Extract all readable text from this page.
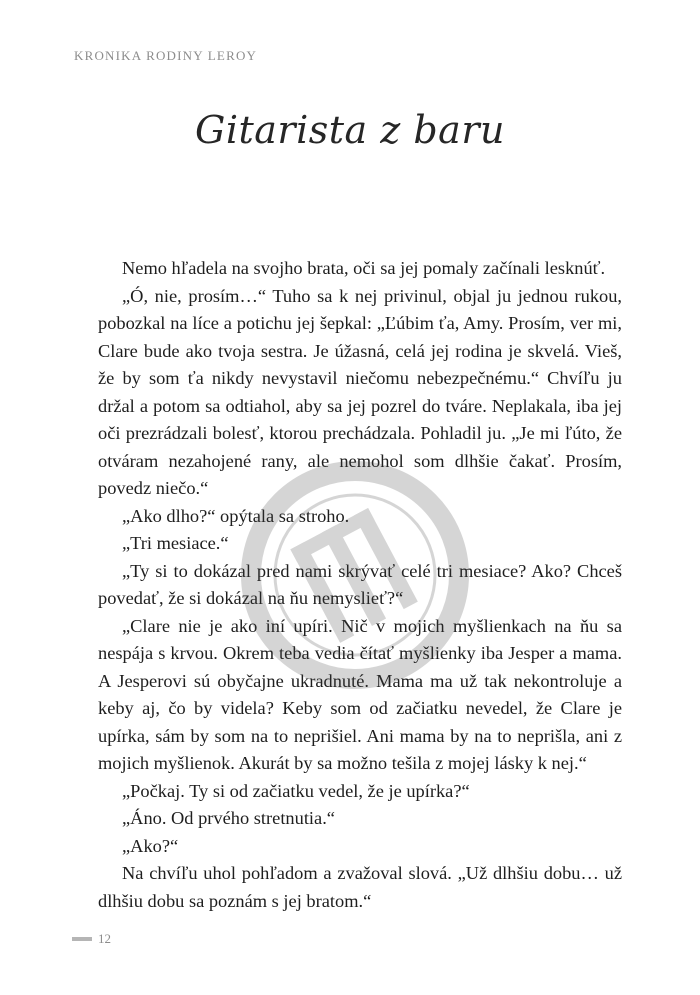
KRONIKA RODINY LEROY
Gitarista z baru

Nemo hľadela na svojho brata, oči sa jej pomaly začínali lesknúť.

„Ó, nie, prosím…“ Tuho sa k nej privinul, objal ju jednou rukou, pobozkal na líce a potichu jej šepkal: „Ľúbim ťa, Amy. Prosím, ver mi, Clare bude ako tvoja sestra. Je úžasná, celá jej rodina je skvelá. Vieš, že by som ťa nikdy nevystavil niečomu nebezpečnému.“ Chvíľu ju držal a potom sa odtiahol, aby sa jej pozrel do tváre. Neplakala, iba jej oči prezrádzali bolesť, ktorou prechádzala. Pohladil ju. „Je mi ľúto, že otváram nezahojené rany, ale nemohol som dlhšie čakať. Prosím, povedz niečo.“

„Ako dlho?“ opýtala sa stroho.

„Tri mesiace.“

„Ty si to dokázal pred nami skrývať celé tri mesiace? Ako? Chceš povedať, že si dokázal na ňu nemyslieť?“

„Clare nie je ako iní upíri. Nič v mojich myšlienkach na ňu sa nespája s krvou. Okrem teba vedia čítať myšlienky iba Jesper a mama. A Jesperovi sú obyčajne ukradnuté. Mama ma už tak nekontroluje a keby aj, čo by videla? Keby som od začiatku nevedel, že Clare je upírka, sám by som na to neprišiel. Ani mama by na to neprišla, ani z mojich myšlienok. Akurát by sa možno tešila z mojej lásky k nej.“

„Počkaj. Ty si od začiatku vedel, že je upírka?“

„Áno. Od prvého stretnutia.“

„Ako?“

Na chvíľu uhol pohľadom a zvažoval slová. „Už dlhšiu dobu… už dlhšiu dobu sa poznám s jej bratom.“

12
